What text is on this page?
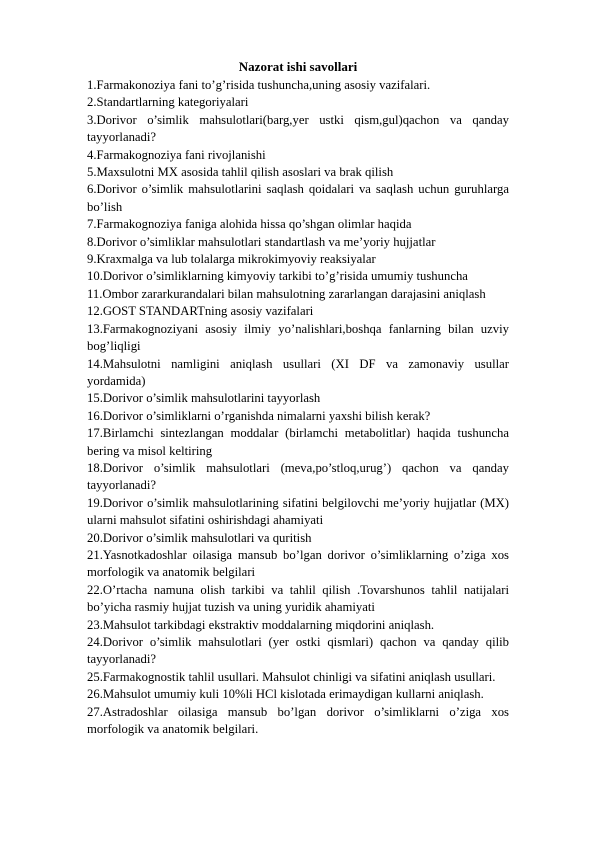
Nazorat ishi savollari
1.Farmakonoziya fani to’g’risida tushuncha,uning asosiy vazifalari.
2.Standartlarning kategoriyalari
3.Dorivor o’simlik mahsulotlari(barg,yer ustki qism,gul)qachon va qanday tayyorlanadi?
4.Farmakognoziya fani rivojlanishi
5.Maxsulotni MX asosida tahlil qilish asoslari va brak qilish
6.Dorivor o’simlik mahsulotlarini saqlash qoidalari va saqlash uchun guruhlarga bo’lish
7.Farmakognoziya faniga alohida hissa qo’shgan olimlar haqida
8.Dorivor o’simliklar mahsulotlari standartlash va me’yoriy hujjatlar
9.Kraxmalga va lub tolalarga mikrokimyoviy reaksiyalar
10.Dorivor o’simliklarning kimyoviy tarkibi to’g’risida umumiy tushuncha
11.Ombor zararkurandalari bilan mahsulotning zararlangan darajasini aniqlash
12.GOST STANDARTning asosiy vazifalari
13.Farmakognoziyani asosiy ilmiy yo’nalishlari,boshqa fanlarning bilan uzviy bog’liqligi
14.Mahsulotni namligini aniqlash usullari (XI DF va zamonaviy usullar yordamida)
15.Dorivor o’simlik mahsulotlarini tayyorlash
16.Dorivor o’simliklarni o’rganishda nimalarni yaxshi bilish kerak?
17.Birlamchi sintezlangan moddalar (birlamchi metabolitlar) haqida tushuncha bering va misol keltiring
18.Dorivor o’simlik mahsulotlari (meva,po’stloq,urug’) qachon va qanday tayyorlanadi?
19.Dorivor o’simlik mahsulotlarining sifatini belgilovchi me’yoriy hujjatlar (MX) ularni mahsulot sifatini oshirishdagi ahamiyati
20.Dorivor o’simlik mahsulotlari va quritish
21.Yasnotkadoshlar oilasiga mansub bo’lgan dorivor o’simliklarning o’ziga xos morfologik va anatomik belgilari
22.O’rtacha namuna olish tarkibi va tahlil qilish .Tovarshunos tahlil natijalari bo’yicha rasmiy hujjat tuzish va uning yuridik ahamiyati
23.Mahsulot tarkibdagi ekstraktiv moddalarning miqdorini aniqlash.
24.Dorivor o’simlik mahsulotlari (yer ostki qismlari) qachon va qanday qilib tayyorlanadi?
25.Farmakognostik tahlil usullari. Mahsulot chinligi va sifatini aniqlash usullari.
26.Mahsulot umumiy kuli 10%li HCl kislotada erimaydigan kullarni aniqlash.
27.Astradoshlar oilasiga mansub bo’lgan dorivor o’simliklarni o’ziga xos morfologik va anatomik belgilari.
